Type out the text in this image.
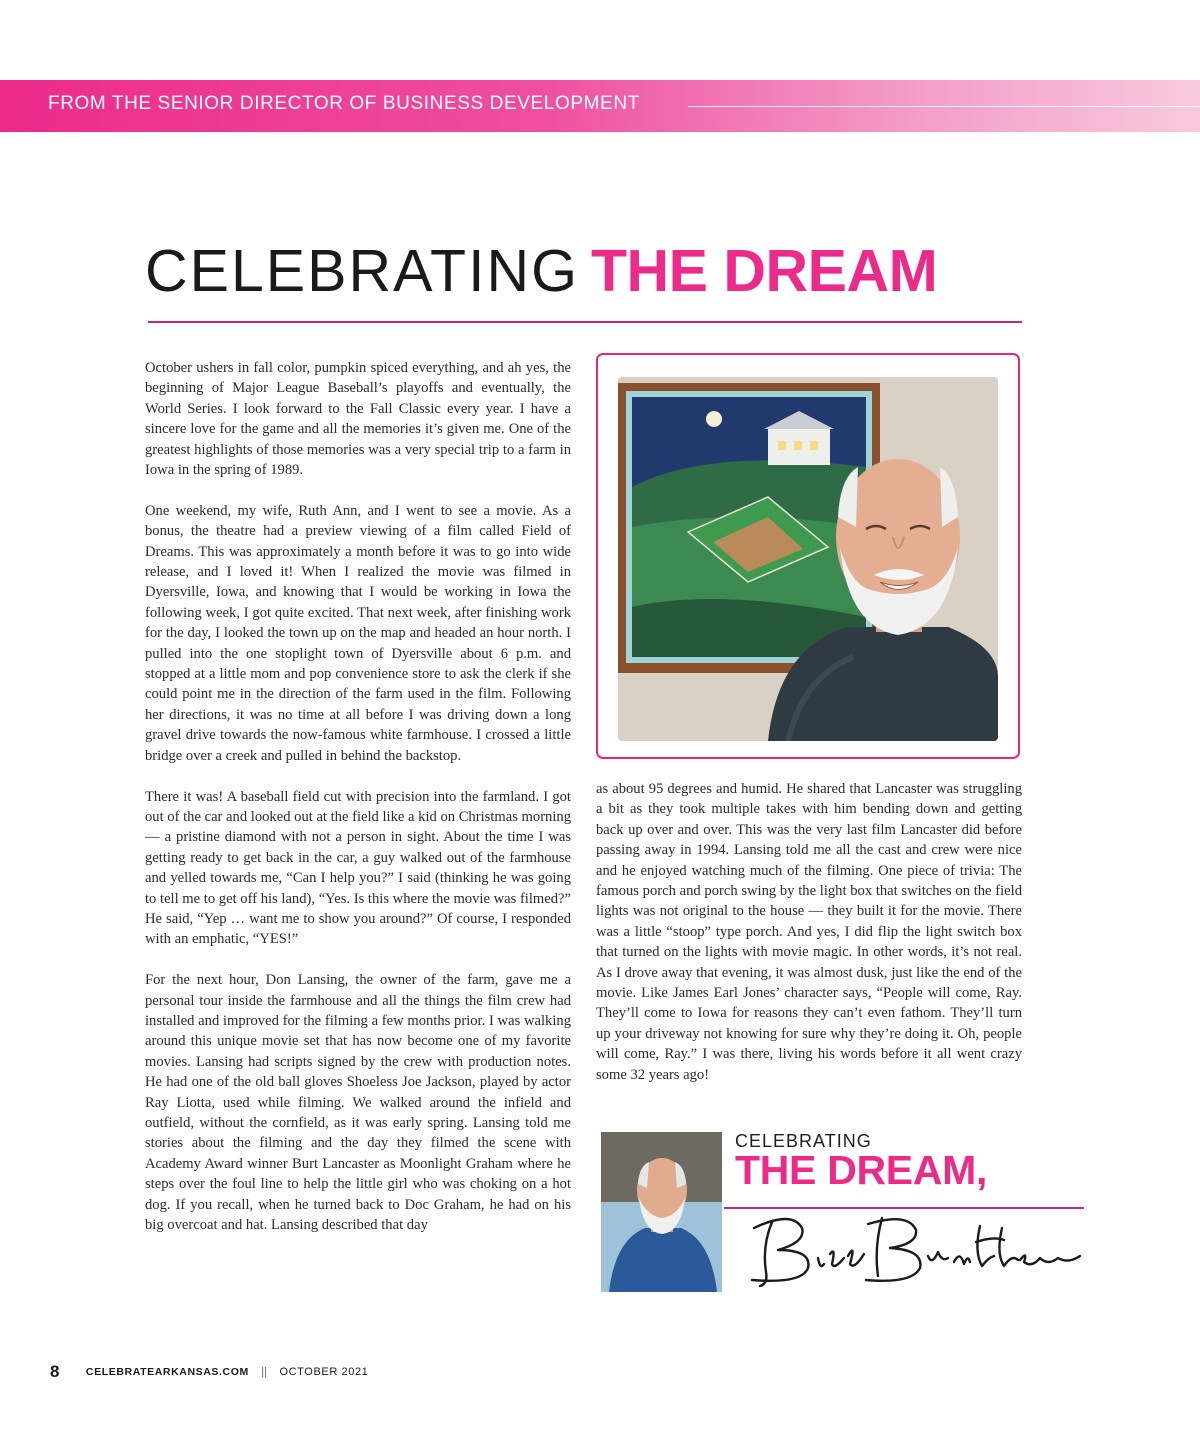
FROM THE SENIOR DIRECTOR OF BUSINESS DEVELOPMENT
CELEBRATING THE DREAM

October ushers in fall color, pumpkin spiced everything, and ah yes, the beginning of Major League Baseball’s playoffs and eventually, the World Series. I look forward to the Fall Classic every year. I have a sincere love for the game and all the memories it’s given me. One of the greatest highlights of those memories was a very special trip to a farm in Iowa in the spring of 1989.

One weekend, my wife, Ruth Ann, and I went to see a movie. As a bonus, the theatre had a preview viewing of a film called Field of Dreams. This was approximately a month before it was to go into wide release, and I loved it! When I realized the movie was filmed in Dyersville, Iowa, and knowing that I would be working in Iowa the following week, I got quite excited. That next week, after finishing work for the day, I looked the town up on the map and headed an hour north. I pulled into the one stoplight town of Dyersville about 6 p.m. and stopped at a little mom and pop convenience store to ask the clerk if she could point me in the direction of the farm used in the film. Following her directions, it was no time at all before I was driving down a long gravel drive towards the now-famous white farmhouse. I crossed a little bridge over a creek and pulled in behind the backstop.

There it was! A baseball field cut with precision into the farmland. I got out of the car and looked out at the field like a kid on Christmas morning — a pristine diamond with not a person in sight. About the time I was getting ready to get back in the car, a guy walked out of the farmhouse and yelled towards me, “Can I help you?” I said (thinking he was going to tell me to get off his land), “Yes. Is this where the movie was filmed?” He said, “Yep … want me to show you around?” Of course, I responded with an emphatic, “YES!”

For the next hour, Don Lansing, the owner of the farm, gave me a personal tour inside the farmhouse and all the things the film crew had installed and improved for the filming a few months prior. I was walking around this unique movie set that has now become one of my favorite movies. Lansing had scripts signed by the crew with production notes. He had one of the old ball gloves Shoeless Joe Jackson, played by actor Ray Liotta, used while filming. We walked around the infield and outfield, without the cornfield, as it was early spring. Lansing told me stories about the filming and the day they filmed the scene with Academy Award winner Burt Lancaster as Moonlight Graham where he steps over the foul line to help the little girl who was choking on a hot dog. If you recall, when he turned back to Doc Graham, he had on his big overcoat and hat. Lansing described that day

as about 95 degrees and humid. He shared that Lancaster was struggling a bit as they took multiple takes with him bending down and getting back up over and over. This was the very last film Lancaster did before passing away in 1994. Lansing told me all the cast and crew were nice and he enjoyed watching much of the filming. One piece of trivia: The famous porch and porch swing by the light box that switches on the field lights was not original to the house — they built it for the movie. There was a little “stoop” type porch. And yes, I did flip the light switch box that turned on the lights with movie magic. In other words, it’s not real. As I drove away that evening, it was almost dusk, just like the end of the movie. Like James Earl Jones’ character says, “People will come, Ray. They’ll come to Iowa for reasons they can’t even fathom. They’ll turn up your driveway not knowing for sure why they’re doing it. Oh, people will come, Ray.” I was there, living his words before it all went crazy some 32 years ago!

CELEBRATING
THE DREAM,
8	CELEBRATEARKANSAS.COM || OCTOBER 2021
